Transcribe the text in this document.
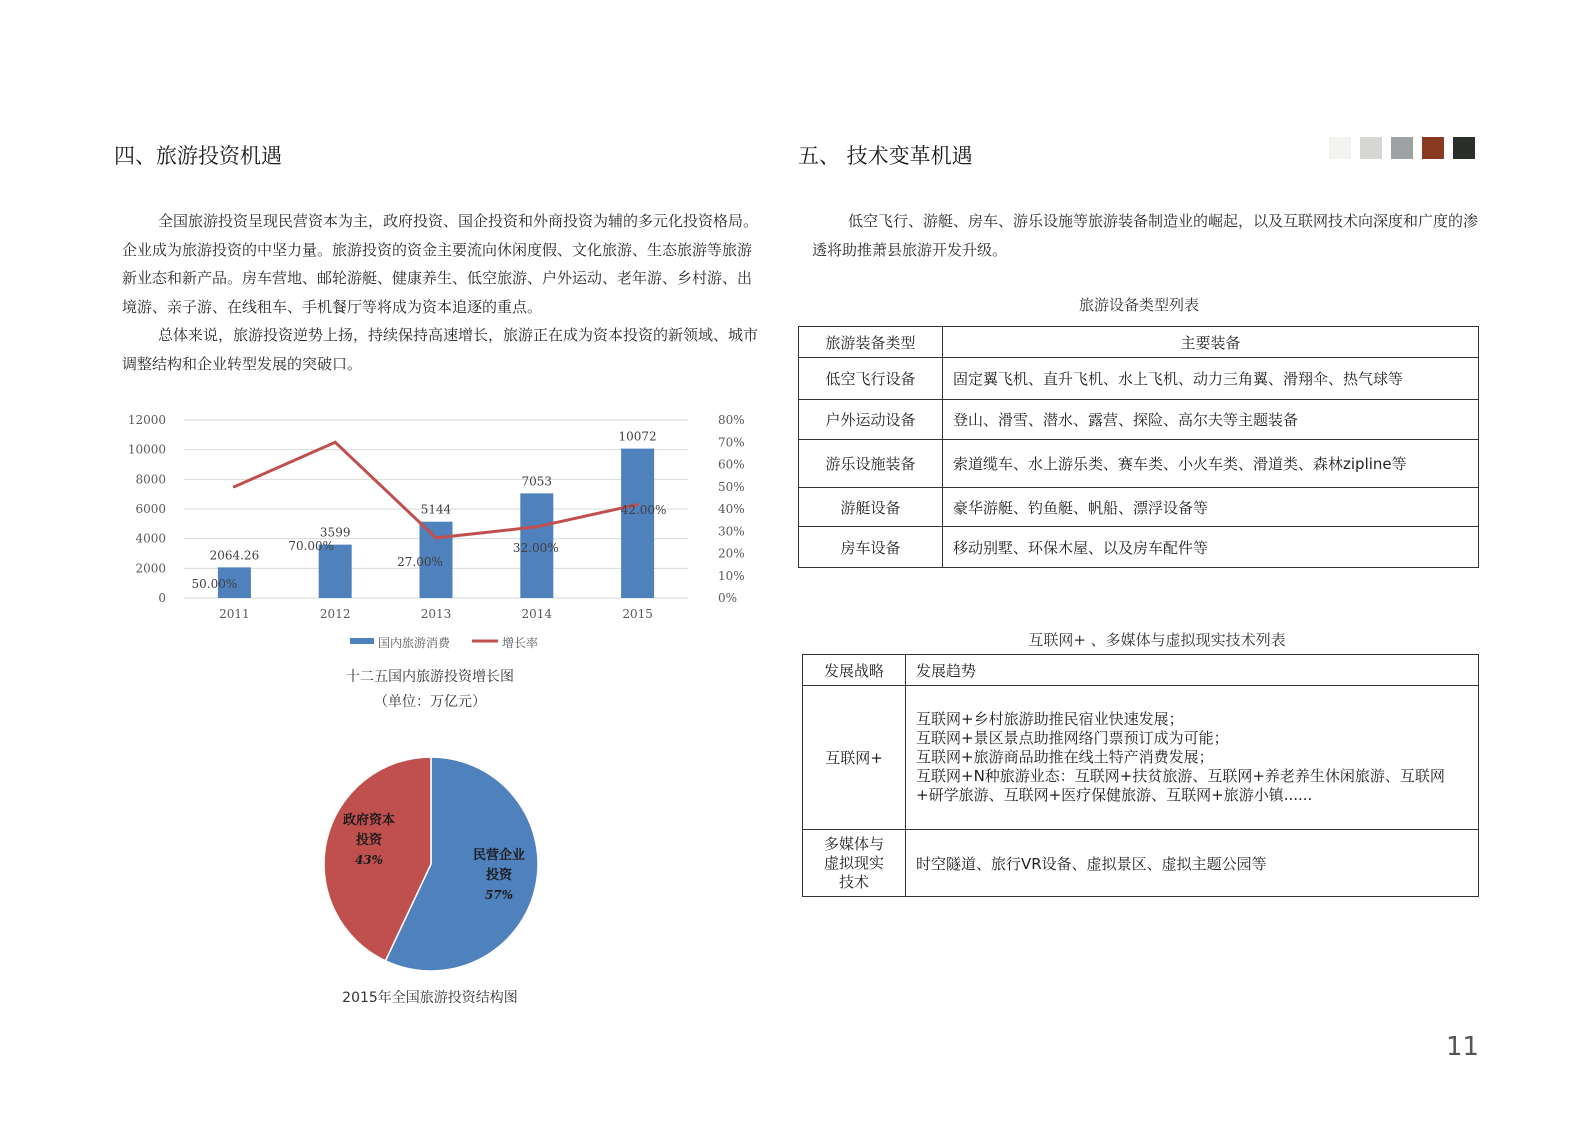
四、旅游投资机遇

全国旅游投资呈现民营资本为主，政府投资、国企投资和外商投资为辅的多元化投资格局。企业成为旅游投资的中坚力量。旅游投资的资金主要流向休闲度假、文化旅游、生态旅游等旅游新业态和新产品。房车营地、邮轮游艇、健康养生、低空旅游、户外运动、老年游、乡村游、出境游、亲子游、在线租车、手机餐厅等将成为资本追逐的重点。

总体来说，旅游投资逆势上扬，持续保持高速增长，旅游正在成为资本投资的新领域、城市调整结构和企业转型发展的突破口。

0
2000
4000
6000
8000
10000
12000
0%
10%
20%
30%
40%
50%
60%
70%
80%
2011	2012	2013	2014	2015
2064.26
3599
5144
7053
10072
50.00%
70.00%
27.00%
32.00%
42.00%
国内旅游消费	增长率
十二五国内旅游投资增长图
（单位：万亿元）
民营企业
投资
57%
政府资本
投资
43%
2015年全国旅游投资结构图
五、 技术变革机遇

低空飞行、游艇、房车、游乐设施等旅游装备制造业的崛起，以及互联网技术向深度和广度的渗透将助推萧县旅游开发升级。

旅游设备类型列表
旅游装备类型	主要装备
低空飞行设备	固定翼飞机、直升飞机、水上飞机、动力三角翼、滑翔伞、热气球等
户外运动设备	登山、滑雪、潜水、露营、探险、高尔夫等主题装备
游乐设施装备	索道缆车、水上游乐类、赛车类、小火车类、滑道类、森林zipline等
游艇设备	豪华游艇、钓鱼艇、帆船、漂浮设备等
房车设备	移动别墅、环保木屋、以及房车配件等
互联网+ 、多媒体与虚拟现实技术列表
发展战略	发展趋势
互联网+	互联网+乡村旅游助推民宿业快速发展；
互联网+景区景点助推网络门票预订成为可能；
互联网+旅游商品助推在线土特产消费发展；
互联网+N种旅游业态：互联网+扶贫旅游、互联网+养老养生休闲旅游、互联网
+研学旅游、互联网+医疗保健旅游、互联网+旅游小镇......

多媒体与
虚拟现实
技术	时空隧道、旅行VR设备、虚拟景区、虚拟主题公园等
11
